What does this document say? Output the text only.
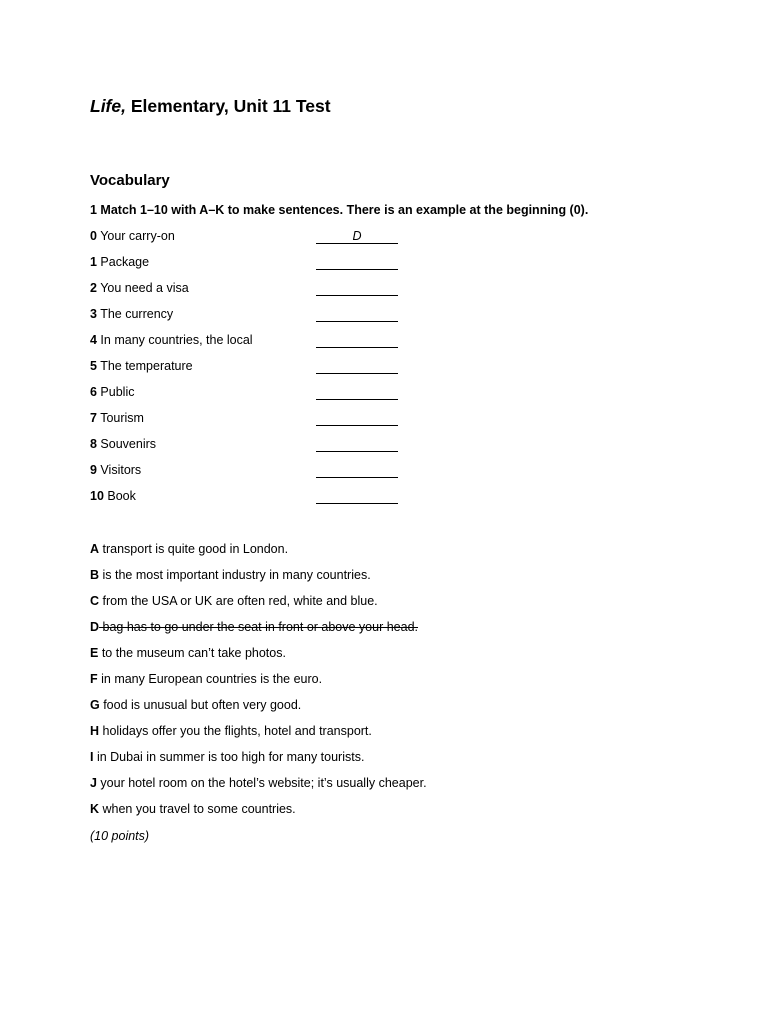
Life, Elementary, Unit 11 Test
Vocabulary
1 Match 1–10 with A–K to make sentences. There is an example at the beginning (0).
0 Your carry-on	D
1 Package
2 You need a visa
3 The currency
4 In many countries, the local
5 The temperature
6 Public
7 Tourism
8 Souvenirs
9 Visitors
10 Book
A transport is quite good in London.
B is the most important industry in many countries.
C from the USA or UK are often red, white and blue.
D bag has to go under the seat in front or above your head.
E to the museum can’t take photos.
F in many European countries is the euro.
G food is unusual but often very good.
H holidays offer you the flights, hotel and transport.
I in Dubai in summer is too high for many tourists.
J your hotel room on the hotel’s website; it’s usually cheaper.
K when you travel to some countries.
(10 points)
